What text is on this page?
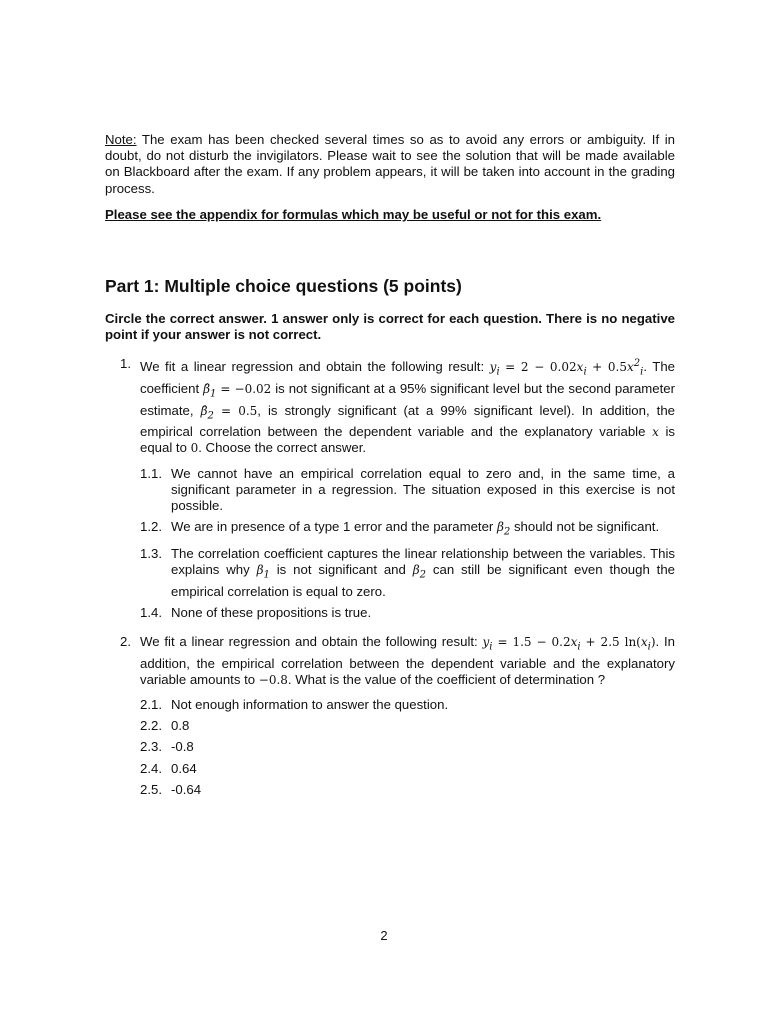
Note: The exam has been checked several times so as to avoid any errors or ambiguity. If in doubt, do not disturb the invigilators. Please wait to see the solution that will be made available on Blackboard after the exam. If any problem appears, it will be taken into account in the grading process.

Please see the appendix for formulas which may be useful or not for this exam.
Part 1: Multiple choice questions (5 points)
Circle the correct answer. 1 answer only is correct for each question. There is no negative point if your answer is not correct.
1. We fit a linear regression and obtain the following result: $y_i = 2 - 0.02x_i + 0.5x^2_i$. The coefficient $\betâ_1 = -0.02$ is not significant at a 95% significant level but the second parameter estimate, $\betâ_2 = 0.5$, is strongly significant (at a 99% significant level). In addition, the empirical correlation between the dependent variable and the explanatory variable x is equal to 0. Choose the correct answer.
1.1. We cannot have an empirical correlation equal to zero and, in the same time, a significant parameter in a regression. The situation exposed in this exercise is not possible.
1.2. We are in presence of a type 1 error and the parameter $\beta_2$ should not be significant.
1.3. The correlation coefficient captures the linear relationship between the variables. This explains why $\beta_1$ is not significant and $\beta_2$ can still be significant even though the empirical correlation is equal to zero.
1.4. None of these propositions is true.
2. We fit a linear regression and obtain the following result: $y_i = 1.5 - 0.2x_i + 2.5$ $\ln(x_i)$. In addition, the empirical correlation between the dependent variable and the explanatory variable amounts to −0.8. What is the value of the coefficient of determination ?
2.1. Not enough information to answer the question.
2.2. 0.8
2.3. -0.8
2.4. 0.64
2.5. -0.64
2
